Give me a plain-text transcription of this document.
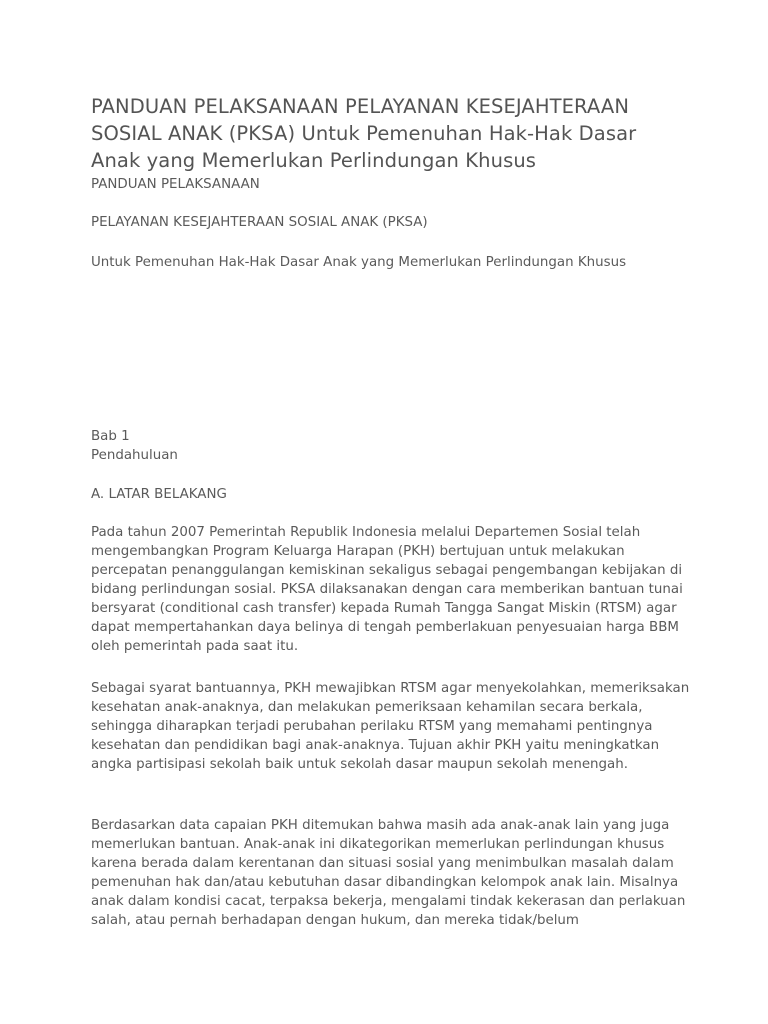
PANDUAN PELAKSANAAN PELAYANAN KESEJAHTERAAN SOSIAL ANAK (PKSA) Untuk Pemenuhan Hak-Hak Dasar Anak yang Memerlukan Perlindungan Khusus

PANDUAN PELAKSANAAN

PELAYANAN KESEJAHTERAAN SOSIAL ANAK (PKSA)

Untuk Pemenuhan Hak-Hak Dasar Anak yang Memerlukan Perlindungan Khusus

Bab 1

Pendahuluan

A. LATAR BELAKANG

Pada tahun 2007 Pemerintah Republik Indonesia melalui Departemen Sosial telah mengembangkan Program Keluarga Harapan (PKH) bertujuan untuk melakukan percepatan penanggulangan kemiskinan sekaligus sebagai pengembangan kebijakan di bidang perlindungan sosial. PKSA dilaksanakan dengan cara memberikan bantuan tunai bersyarat (conditional cash transfer) kepada Rumah Tangga Sangat Miskin (RTSM) agar dapat mempertahankan daya belinya di tengah pemberlakuan penyesuaian harga BBM oleh pemerintah pada saat itu.

Sebagai syarat bantuannya, PKH mewajibkan RTSM agar menyekolahkan, memeriksakan kesehatan anak-anaknya, dan melakukan pemeriksaan kehamilan secara berkala, sehingga diharapkan terjadi perubahan perilaku RTSM yang memahami pentingnya kesehatan dan pendidikan bagi anak-anaknya. Tujuan akhir PKH yaitu meningkatkan angka partisipasi sekolah baik untuk sekolah dasar maupun sekolah menengah.

Berdasarkan data capaian PKH ditemukan bahwa masih ada anak-anak lain yang juga memerlukan bantuan. Anak-anak ini dikategorikan memerlukan perlindungan khusus karena berada dalam kerentanan dan situasi sosial yang menimbulkan masalah dalam pemenuhan hak dan/atau kebutuhan dasar dibandingkan kelompok anak lain. Misalnya anak dalam kondisi cacat, terpaksa bekerja, mengalami tindak kekerasan dan perlakuan salah, atau pernah berhadapan dengan hukum, dan mereka tidak/belum
